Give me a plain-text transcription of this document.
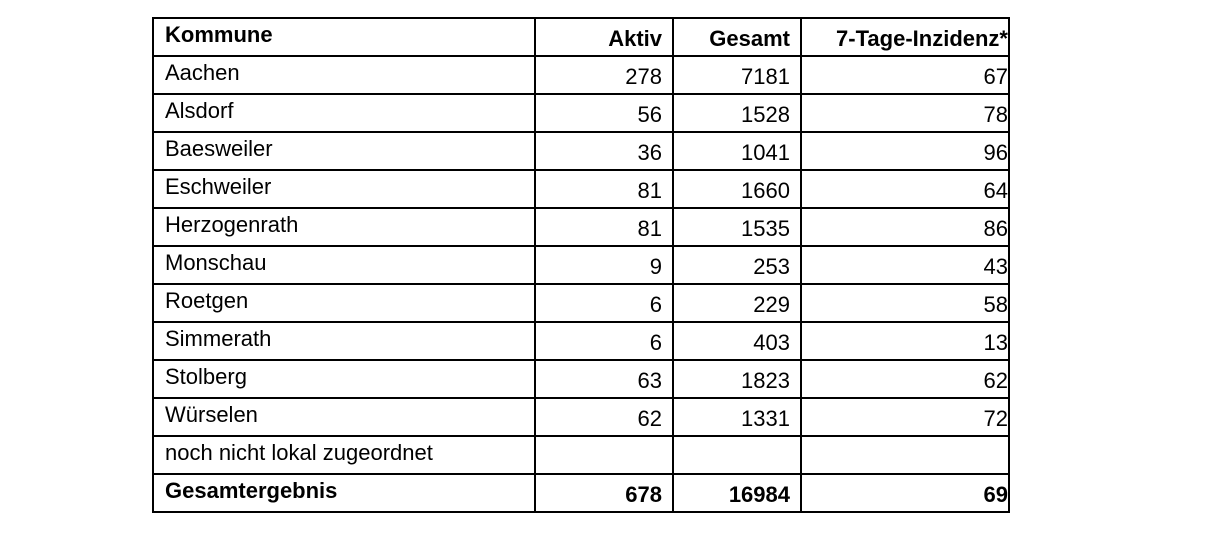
Kommune	Aktiv	Gesamt	7-Tage-Inzidenz*
Aachen	278	7181	67
Alsdorf	56	1528	78
Baesweiler	36	1041	96
Eschweiler	81	1660	64
Herzogenrath	81	1535	86
Monschau	9	253	43
Roetgen	6	229	58
Simmerath	6	403	13
Stolberg	63	1823	62
Würselen	62	1331	72
noch nicht lokal zugeordnet			
Gesamtergebnis	678	16984	69
